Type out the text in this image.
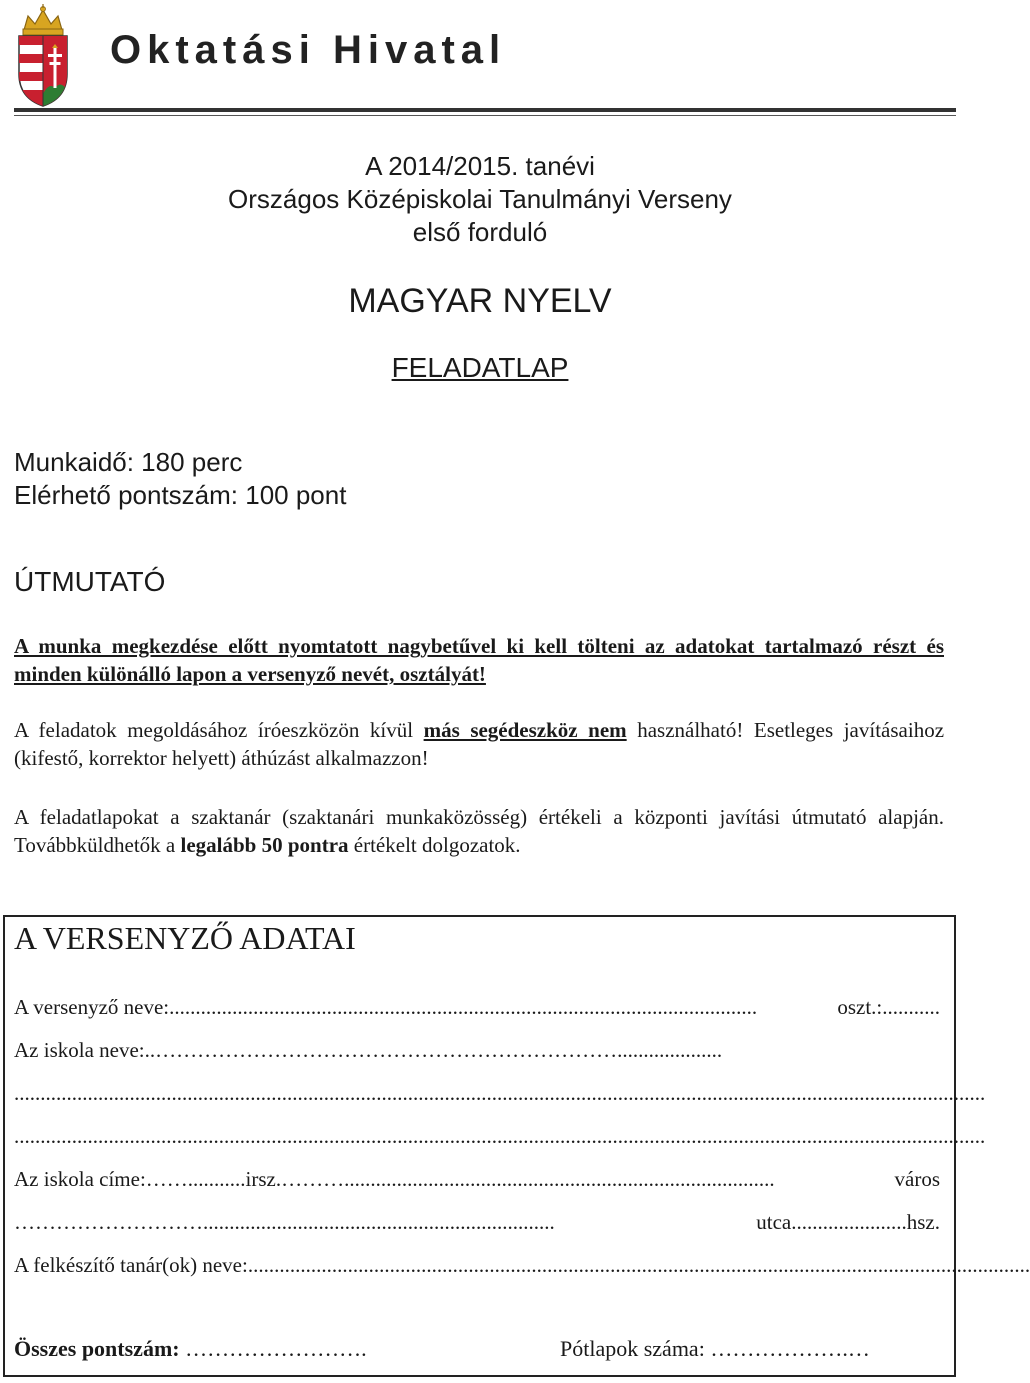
Oktatási Hivatal
A 2014/2015. tanévi
Országos Középiskolai Tanulmányi Verseny
első forduló
MAGYAR NYELV
FELADATLAP
Munkaidő: 180 perc
Elérhető pontszám: 100 pont
ÚTMUTATÓ
A munka megkezdése előtt nyomtatott nagybetűvel ki kell tölteni az adatokat tartalmazó részt és minden különálló lapon a versenyző nevét, osztályát!
A feladatok megoldásához íróeszközön kívül más segédeszköz nem használható! Esetleges javításaihoz (kifestő, korrektor helyett) áthúzást alkalmazzon!
A feladatlapokat a szaktanár (szaktanári munkaközösség) értékeli a központi javítási útmutató alapján. Továbbküldhetők a legalább 50 pontra értékelt dolgozatok.
A VERSENYZŐ ADATAI
A versenyző neve: ................................................................................................................	oszt.: ...........
Az iskola neve: ..…………………………………………………………....................
.........................................................................................................................................................................................
.........................................................................................................................................................................................
Az iskola címe: ……........... irsz. ………..................................................................................	város
………………………...................................................................	utca ...................... hsz.
A felkészítő tanár(ok) neve: .....................................................................................................................................................
Összes pontszám: …………………….	Pótlapok száma: ……………….…
